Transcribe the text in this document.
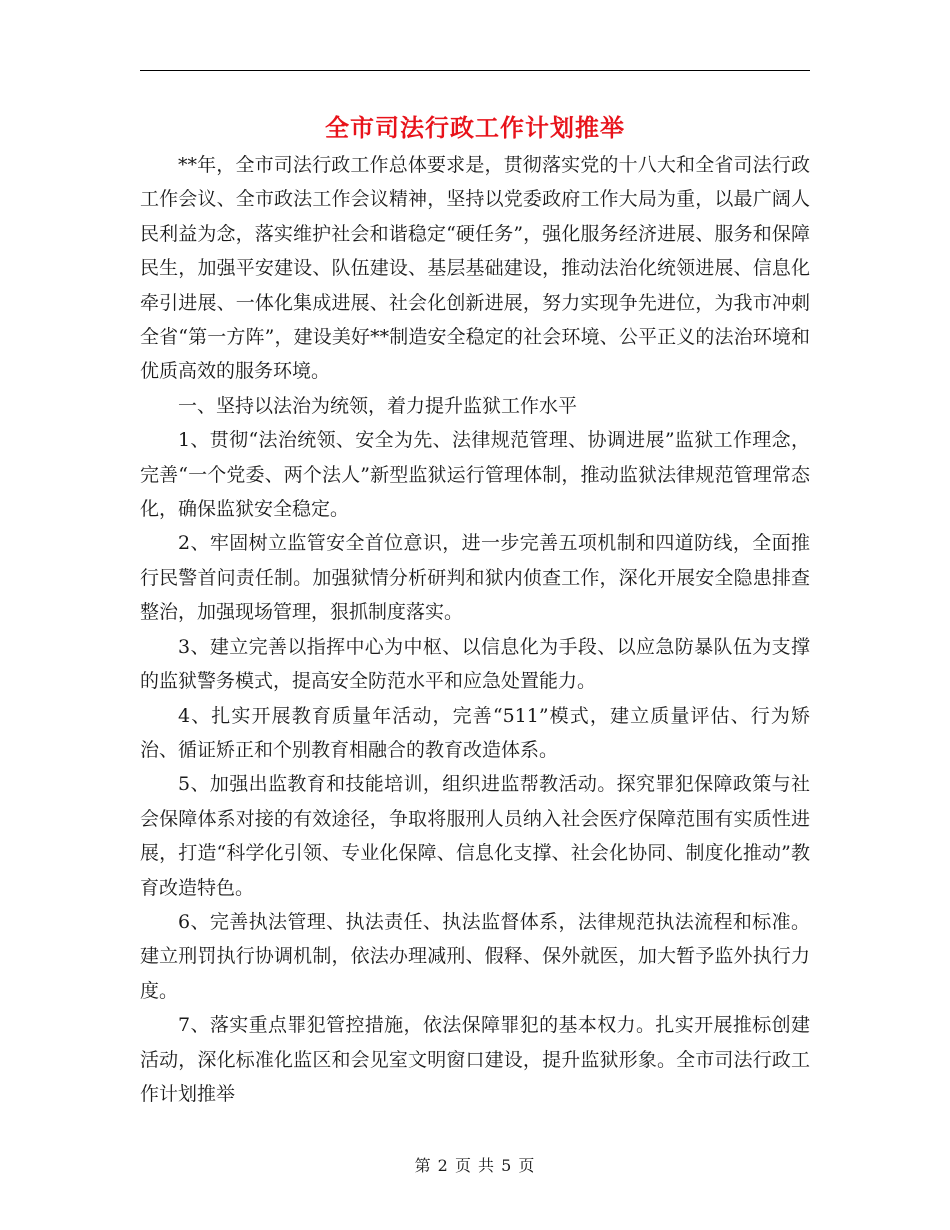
全市司法行政工作计划推举

**年，全市司法行政工作总体要求是，贯彻落实党的十八大和全省司法行政工作会议、全市政法工作会议精神，坚持以党委政府工作大局为重，以最广阔人民利益为念，落实维护社会和谐稳定“硬任务”，强化服务经济进展、服务和保障民生，加强平安建设、队伍建设、基层基础建设，推动法治化统领进展、信息化牵引进展、一体化集成进展、社会化创新进展，努力实现争先进位，为我市冲刺全省“第一方阵”，建设美好**制造安全稳定的社会环境、公平正义的法治环境和优质高效的服务环境。

一、坚持以法治为统领，着力提升监狱工作水平

1、贯彻“法治统领、安全为先、法律规范管理、协调进展”监狱工作理念，完善“一个党委、两个法人”新型监狱运行管理体制，推动监狱法律规范管理常态化，确保监狱安全稳定。

2、牢固树立监管安全首位意识，进一步完善五项机制和四道防线，全面推行民警首问责任制。加强狱情分析研判和狱内侦查工作，深化开展安全隐患排查整治，加强现场管理，狠抓制度落实。

3、建立完善以指挥中心为中枢、以信息化为手段、以应急防暴队伍为支撑的监狱警务模式，提高安全防范水平和应急处置能力。

4、扎实开展教育质量年活动，完善“511”模式，建立质量评估、行为矫治、循证矫正和个别教育相融合的教育改造体系。

5、加强出监教育和技能培训，组织进监帮教活动。探究罪犯保障政策与社会保障体系对接的有效途径，争取将服刑人员纳入社会医疗保障范围有实质性进展，打造“科学化引领、专业化保障、信息化支撑、社会化协同、制度化推动”教育改造特色。

6、完善执法管理、执法责任、执法监督体系，法律规范执法流程和标准。建立刑罚执行协调机制，依法办理减刑、假释、保外就医，加大暂予监外执行力度。

7、落实重点罪犯管控措施，依法保障罪犯的基本权力。扎实开展推标创建活动，深化标准化监区和会见室文明窗口建设，提升监狱形象。全市司法行政工作计划推举

第 2 页 共 5 页
